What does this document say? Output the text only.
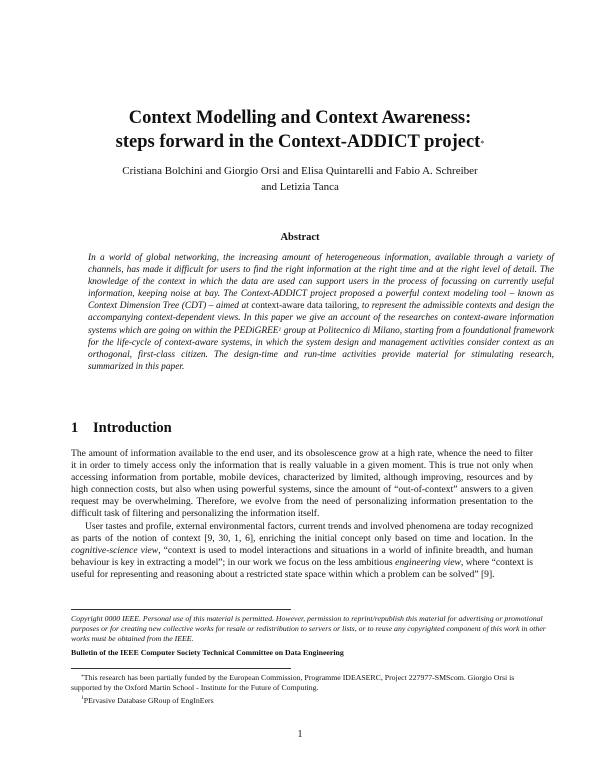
Context Modelling and Context Awareness:
steps forward in the Context-ADDICT project*
Cristiana Bolchini and Giorgio Orsi and Elisa Quintarelli and Fabio A. Schreiber
and Letizia Tanca
Abstract
In a world of global networking, the increasing amount of heterogeneous information, available through a variety of channels, has made it difficult for users to find the right information at the right time and at the right level of detail. The knowledge of the context in which the data are used can support users in the process of focussing on currently useful information, keeping noise at bay. The Context-ADDICT project proposed a powerful context modeling tool – known as Context Dimension Tree (CDT) – aimed at context-aware data tailoring, to represent the admissible contexts and design the accompanying context-dependent views. In this paper we give an account of the researches on context-aware information systems which are going on within the PEDiGREE$^1$ group at Politecnico di Milano, starting from a foundational framework for the life-cycle of context-aware systems, in which the system design and management activities consider context as an orthogonal, first-class citizen. The design-time and run-time activities provide material for stimulating research, summarized in this paper.
1 Introduction

The amount of information available to the end user, and its obsolescence grow at a high rate, whence the need to filter it in order to timely access only the information that is really valuable in a given moment. This is true not only when accessing information from portable, mobile devices, characterized by limited, although improving, resources and by high connection costs, but also when using powerful systems, since the amount of “out-of-context” answers to a given request may be overwhelming. Therefore, we evolve from the need of personalizing information presentation to the difficult task of filtering and personalizing the information itself.

User tastes and profile, external environmental factors, current trends and involved phenomena are today recognized as parts of the notion of context [9, 30, 1, 6], enriching the initial concept only based on time and location. In the cognitive-science view, “context is used to model interactions and situations in a world of infinite breadth, and human behaviour is key in extracting a model”; in our work we focus on the less ambitious engineering view, where “context is useful for representing and reasoning about a restricted state space within which a problem can be solved” [9].

Copyright 0000 IEEE. Personal use of this material is permitted. However, permission to reprint/republish this material for advertising or promotional purposes or for creating new collective works for resale or redistribution to servers or lists, or to reuse any copyrighted component of this work in other works must be obtained from the IEEE.
Bulletin of the IEEE Computer Society Technical Committee on Data Engineering
*This research has been partially funded by the European Commission, Programme IDEASERC, Project 227977-SMScom. Giorgio Orsi is supported by the Oxford Martin School - Institute for the Future of Computing.
$^1$PErvasive Database GRoup of EngInEers
1
